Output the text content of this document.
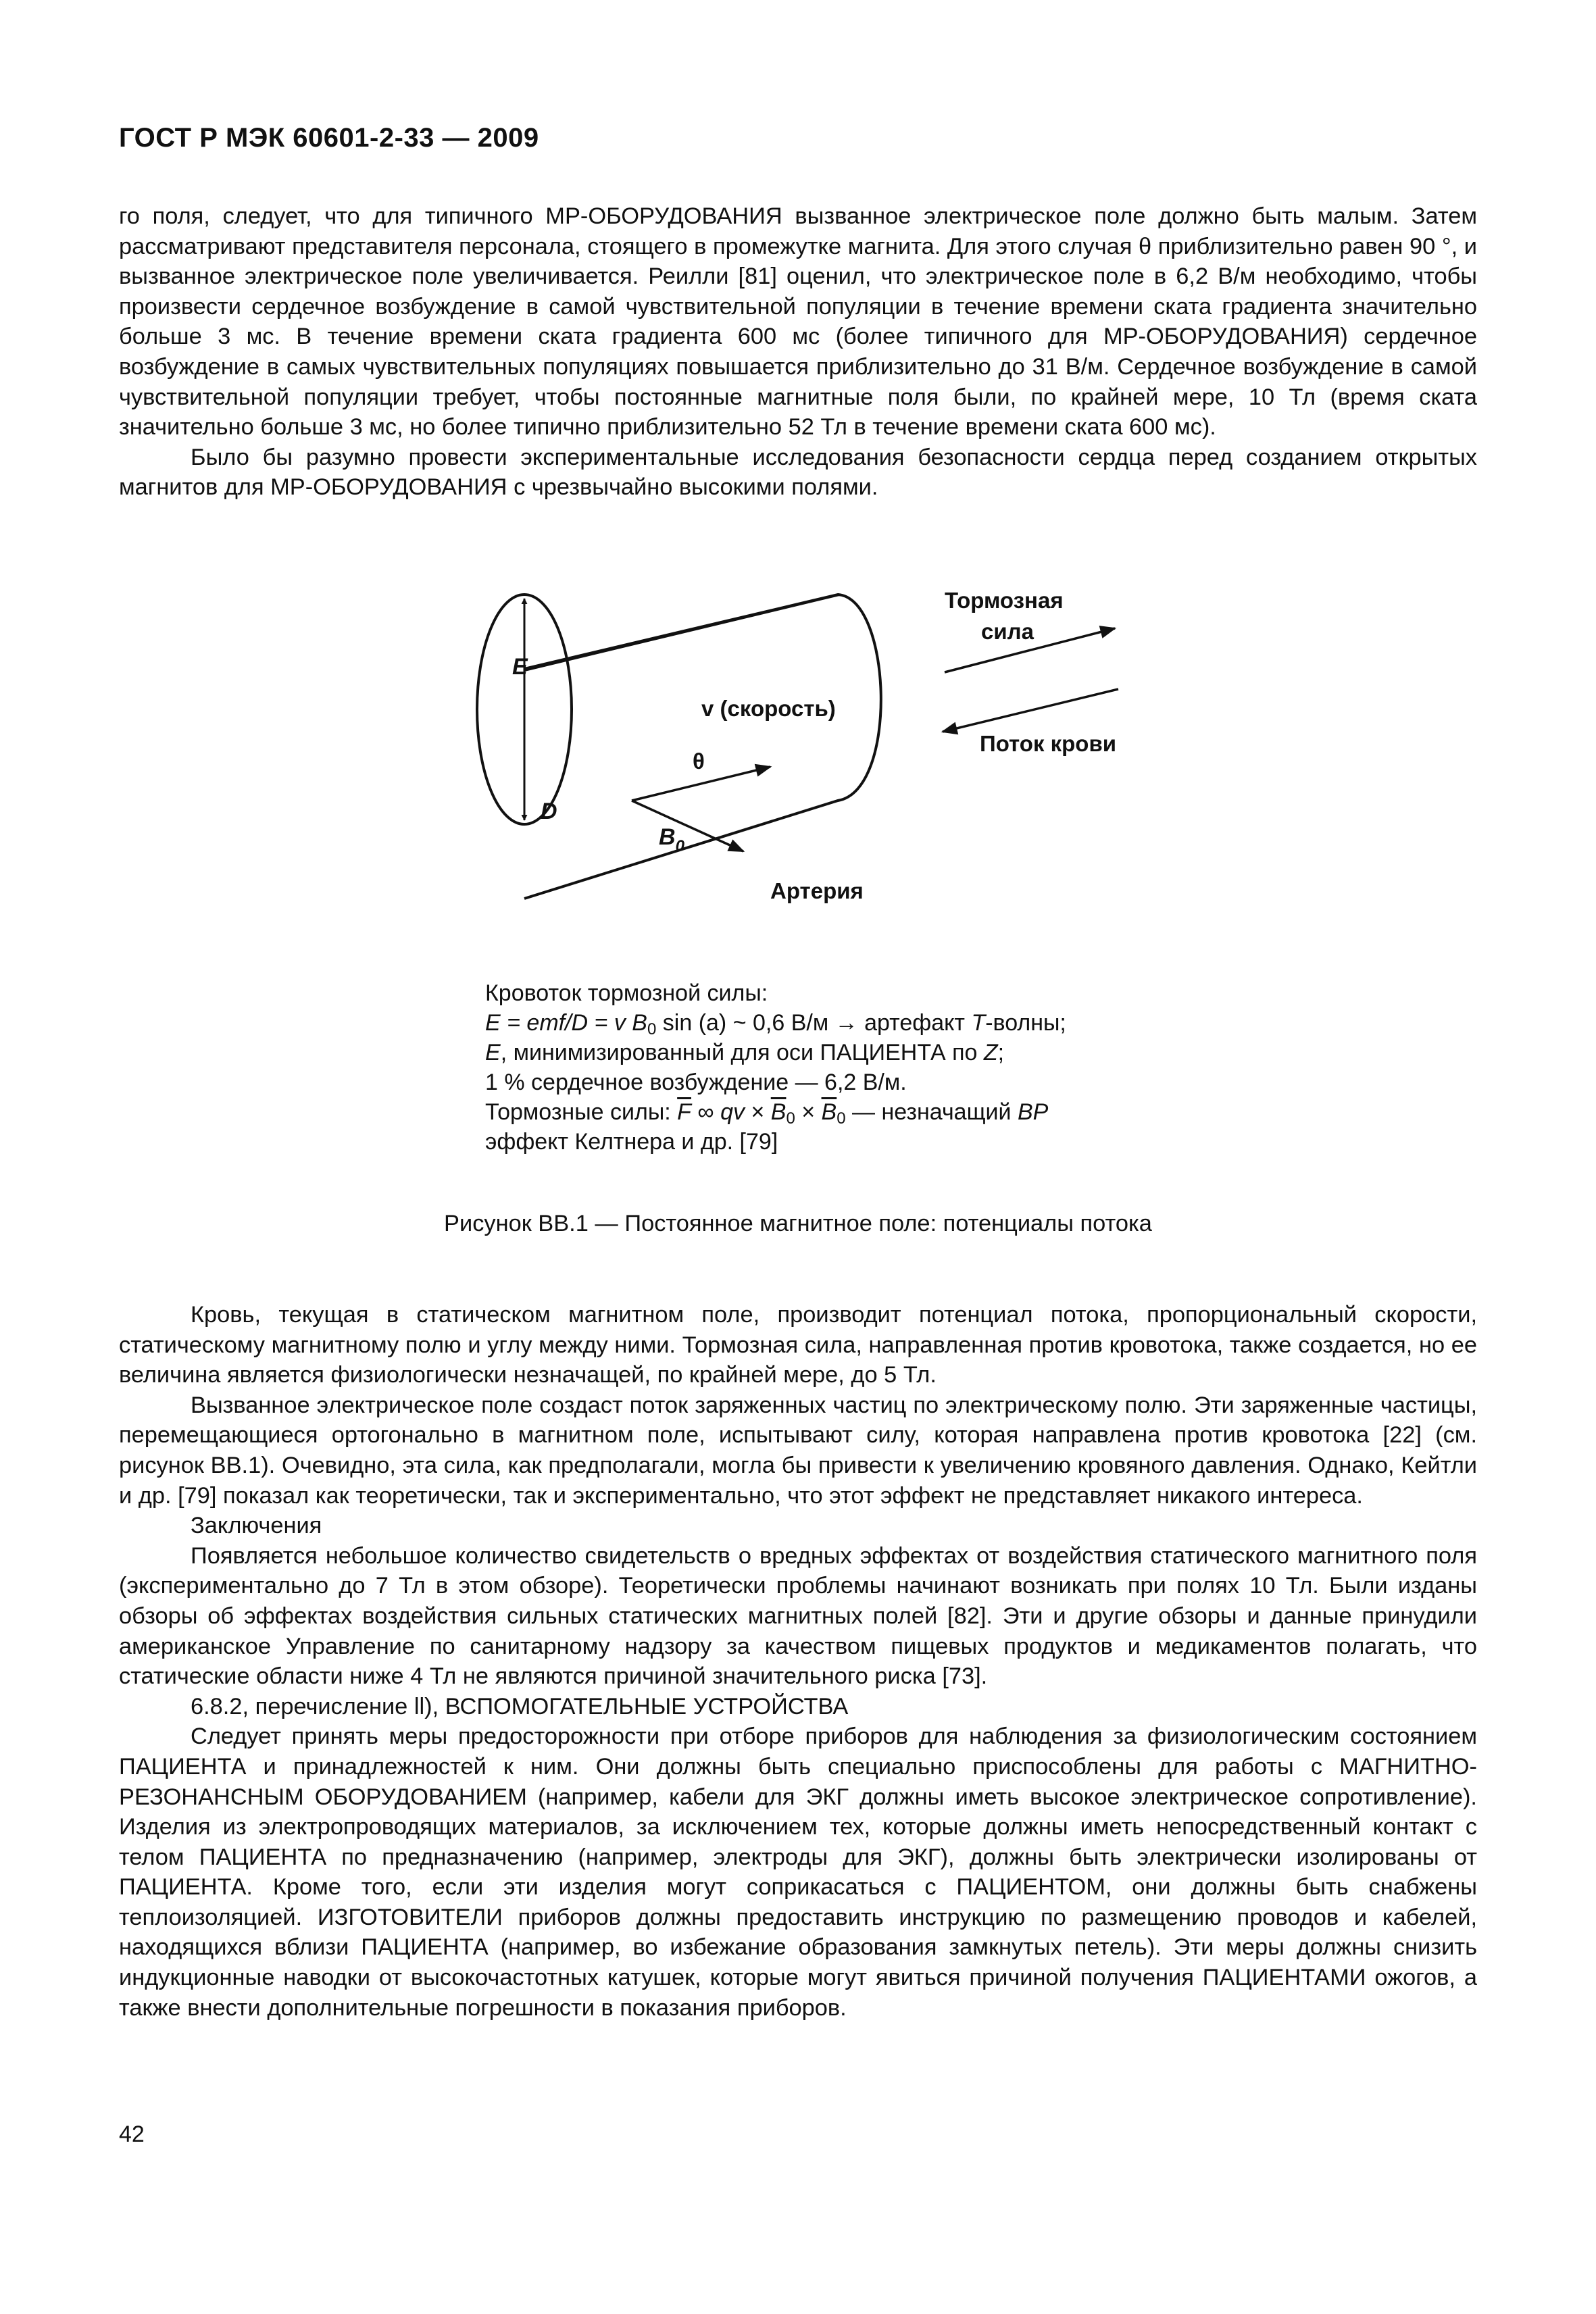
ГОСТ Р МЭК 60601-2-33 — 2009

го поля, следует, что для типичного МР-ОБОРУДОВАНИЯ вызванное электрическое поле должно быть малым. Затем рассматривают представителя персонала, стоящего в промежутке магнита. Для этого случая θ приблизительно равен 90 °, и вызванное электрическое поле увеличивается. Реилли [81] оценил, что электрическое поле в 6,2 В/м необходимо, чтобы произвести сердечное возбуждение в самой чувствительной популяции в течение времени ската градиента значительно больше 3 мс. В течение времени ската градиента 600 мс (более типичного для МР-ОБОРУДОВАНИЯ) сердечное возбуждение в самых чувствительных популяциях повышается приблизительно до 31 В/м. Сердечное возбуждение в самой чувствительной популяции требует, чтобы постоянные магнитные поля были, по крайней мере, 10 Тл (время ската значительно больше 3 мс, но более типично приблизительно 52 Тл в течение времени ската 600 мс).

Было бы разумно провести экспериментальные исследования безопасности сердца перед созданием открытых магнитов для МР-ОБОРУДОВАНИЯ с чрезвычайно высокими полями.

E
D
v (скорость)
θ
$B_0$
Артерия
Тормозная
сила
Поток крови
Кровоток тормозной силы:
E = emf/D = v $B_0$ sin (a) ~ 0,6 В/м → артефакт T-волны;
E, минимизированный для оси ПАЦИЕНТА по Z;
1 % сердечное возбуждение — 6,2 В/м.
Тормозные силы: $\overline{F}$ ∞ qv × $\overline{B}_0 \times \overline{B}_0$ — незначащий BP
эффект Келтнера и др. [79]
Рисунок ВВ.1 — Постоянное магнитное поле: потенциалы потока

Кровь, текущая в статическом магнитном поле, производит потенциал потока, пропорциональный скорости, статическому магнитному полю и углу между ними. Тормозная сила, направленная против кровотока, также создается, но ее величина является физиологически незначащей, по крайней мере, до 5 Тл.

Вызванное электрическое поле создаст поток заряженных частиц по электрическому полю. Эти заряженные частицы, перемещающиеся ортогонально в магнитном поле, испытывают силу, которая направлена против кровотока [22] (см. рисунок ВВ.1). Очевидно, эта сила, как предполагали, могла бы привести к увеличению кровяного давления. Однако, Кейтли и др. [79] показал как теоретически, так и экспериментально, что этот эффект не представляет никакого интереса.

Заключения

Появляется небольшое количество свидетельств о вредных эффектах от воздействия статического магнитного поля (экспериментально до 7 Тл в этом обзоре). Теоретически проблемы начинают возникать при полях 10 Тл. Были изданы обзоры об эффектах воздействия сильных статических магнитных полей [82]. Эти и другие обзоры и данные принудили американское Управление по санитарному надзору за качеством пищевых продуктов и медикаментов полагать, что статические области ниже 4 Тл не являются причиной значительного риска [73].

6.8.2, перечисление ll), ВСПОМОГАТЕЛЬНЫЕ УСТРОЙСТВА

Следует принять меры предосторожности при отборе приборов для наблюдения за физиологическим состоянием ПАЦИЕНТА и принадлежностей к ним. Они должны быть специально приспособлены для работы с МАГНИТНО-РЕЗОНАНСНЫМ ОБОРУДОВАНИЕМ (например, кабели для ЭКГ должны иметь высокое электрическое сопротивление). Изделия из электропроводящих материалов, за исключением тех, которые должны иметь непосредственный контакт с телом ПАЦИЕНТА по предназначению (например, электроды для ЭКГ), должны быть электрически изолированы от ПАЦИЕНТА. Кроме того, если эти изделия могут соприкасаться с ПАЦИЕНТОМ, они должны быть снабжены теплоизоляцией. ИЗГОТОВИТЕЛИ приборов должны предоставить инструкцию по размещению проводов и кабелей, находящихся вблизи ПАЦИЕНТА (например, во избежание образования замкнутых петель). Эти меры должны снизить индукционные наводки от высокочастотных катушек, которые могут явиться причиной получения ПАЦИЕНТАМИ ожогов, а также внести дополнительные погрешности в показания приборов.

42
